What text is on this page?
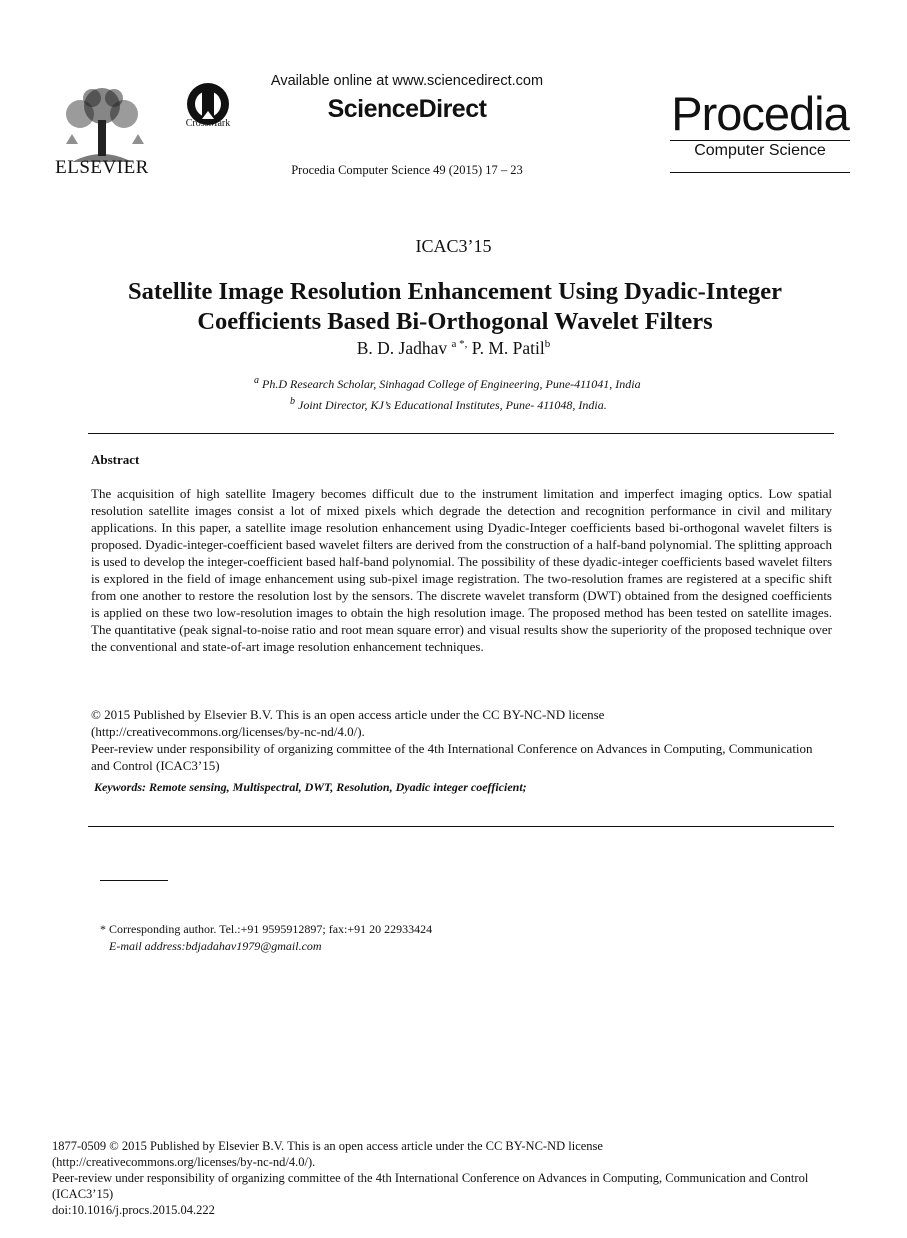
ELSEVIER
CrossMark
Available online at www.sciencedirect.com
ScienceDirect
Procedia Computer Science 49 (2015) 17 – 23
Procedia
Computer Science
ICAC3’15
Satellite Image Resolution Enhancement Using Dyadic-Integer
Coefficients Based Bi-Orthogonal Wavelet Filters
B. D. Jadhav $^{a *,}$ P. M. Patil$^b$
$^a$ Ph.D Research Scholar, Sinhagad College of Engineering, Pune-411041, India
$^b$ Joint Director, KJ’s Educational Institutes, Pune- 411048, India.
Abstract
The acquisition of high satellite Imagery becomes difficult due to the instrument limitation and imperfect imaging optics. Low spatial resolution satellite images consist a lot of mixed pixels which degrade the detection and recognition performance in civil and military applications. In this paper, a satellite image resolution enhancement using Dyadic-Integer coefficients based bi-orthogonal wavelet filters is proposed. Dyadic-integer-coefficient based wavelet filters are derived from the construction of a half-band polynomial. The splitting approach is used to develop the integer-coefficient based half-band polynomial. The possibility of these dyadic-integer coefficients based wavelet filters is explored in the field of image enhancement using sub-pixel image registration. The two-resolution frames are registered at a specific shift from one another to restore the resolution lost by the sensors. The discrete wavelet transform (DWT) obtained from the designed coefficients is applied on these two low-resolution images to obtain the high resolution image. The proposed method has been tested on satellite images. The quantitative (peak signal-to-noise ratio and root mean square error) and visual results show the superiority of the proposed technique over the conventional and state-of-art image resolution enhancement techniques.
© 2015 Published by Elsevier B.V. This is an open access article under the CC BY-NC-ND license
(http://creativecommons.org/licenses/by-nc-nd/4.0/).
Peer-review under responsibility of organizing committee of the 4th International Conference on Advances in Computing, Communication and Control (ICAC3’15)
Keywords: Remote sensing, Multispectral, DWT, Resolution, Dyadic integer coefficient;
* Corresponding author. Tel.:+91 9595912897; fax:+91 20 22933424
E-mail address:bdjadahav1979@gmail.com
1877-0509 © 2015 Published by Elsevier B.V. This is an open access article under the CC BY-NC-ND license
(http://creativecommons.org/licenses/by-nc-nd/4.0/).
Peer-review under responsibility of organizing committee of the 4th International Conference on Advances in Computing, Communication and Control (ICAC3’15)
doi:10.1016/j.procs.2015.04.222
